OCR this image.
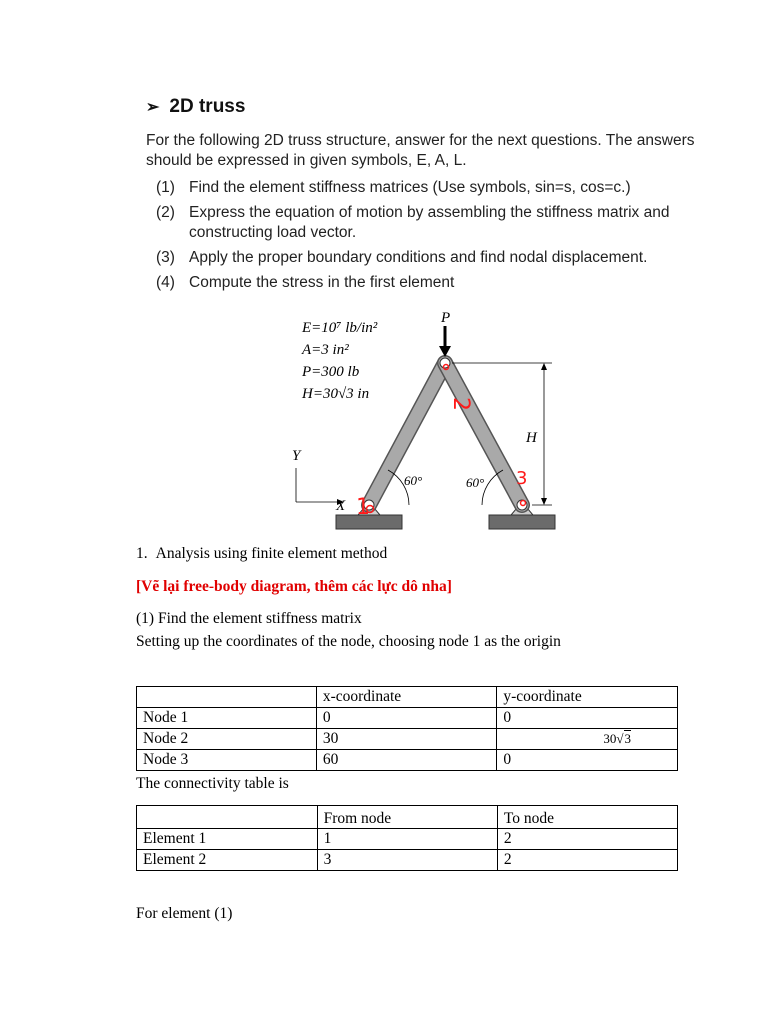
➢ 2D truss
For the following 2D truss structure, answer for the next questions. The answers should be expressed in given symbols, E, A, L.
(1) Find the element stiffness matrices (Use symbols, sin=s, cos=c.)
(2) Express the equation of motion by assembling the stiffness matrix and constructing load vector.
(3) Apply the proper boundary conditions and find nodal displacement.
(4) Compute the stress in the first element
E=10⁷ lb/in²
A=3 in²
P=300 lb
H=30√3 in
P
H
Y
X
60°	60°
1
2
3
1. Analysis using finite element method
[Vẽ lại free-body diagram, thêm các lực dô nha]
(1) Find the element stiffness matrix
Setting up the coordinates of the node, choosing node 1 as the origin
	x-coordinate	y-coordinate
Node 1	0	0
Node 2	30	30√3
Node 3	60	0
The connectivity table is
	From node	To node
Element 1	1	2
Element 2	3	2
For element (1)
